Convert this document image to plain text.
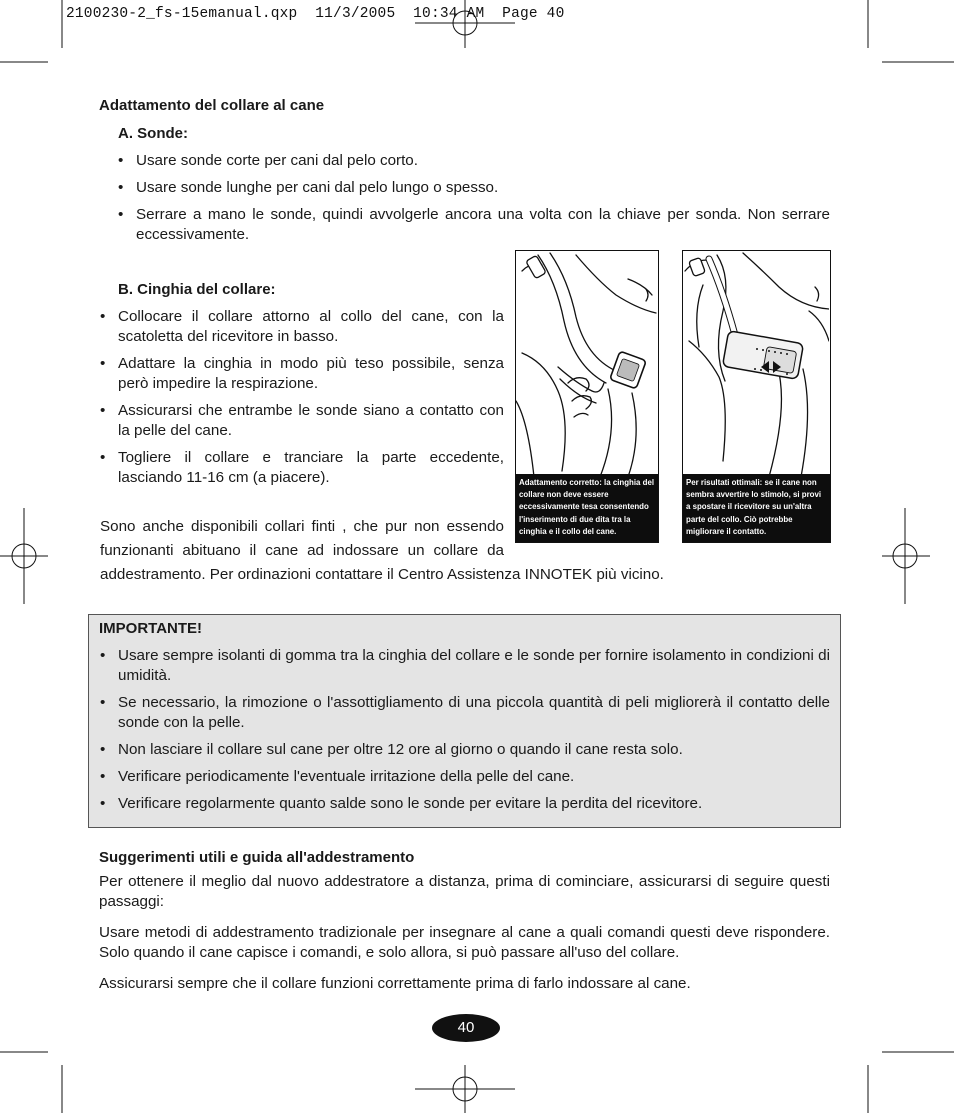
2100230-2_fs-15emanual.qxp  11/3/2005  10:34 AM  Page 40
Adattamento del collare al cane
A. Sonde:
• Usare sonde corte per cani dal pelo corto.
• Usare sonde lunghe per cani dal pelo lungo o spesso.
• Serrare a mano le sonde, quindi avvolgerle ancora una volta con la chiave per sonda. Non serrare eccessivamente.
B. Cinghia del collare:
• Collocare il collare attorno al collo del cane, con la scatoletta del ricevitore in basso.
• Adattare la cinghia in modo più teso possibile, senza però impedire la respirazione.
• Assicurarsi che entrambe le sonde siano a contatto con la pelle del cane.
• Togliere il collare e tranciare la parte eccedente, lasciando 11-16 cm (a piacere).
Sono anche disponibili collari finti , che pur non essendo
funzionanti abituano il cane ad indossare un collare da
addestramento. Per ordinazioni contattare il Centro Assistenza INNOTEK più vicino.
Adattamento corretto: la cinghia del collare non deve essere eccessivamente tesa consentendo l'inserimento di due dita tra la cinghia e il collo del cane.
Per risultati ottimali: se il cane non sembra avvertire lo stimolo, si provi a spostare il ricevitore su un'altra parte del collo. Ciò potrebbe migliorare il contatto.
IMPORTANTE!
• Usare sempre isolanti di gomma tra la cinghia del collare e le sonde per fornire isolamento in condizioni di umidità.
• Se necessario, la rimozione o l'assottigliamento di una piccola quantità di peli migliorerà il contatto delle sonde con la pelle.
• Non lasciare il collare sul cane per oltre 12 ore al giorno o quando il cane resta solo.
• Verificare periodicamente l'eventuale irritazione della pelle del cane.
• Verificare regolarmente quanto salde sono le sonde per evitare la perdita del ricevitore.
Suggerimenti utili e guida all'addestramento
Per ottenere il meglio dal nuovo addestratore a distanza, prima di cominciare, assicurarsi di seguire questi passaggi:
Usare metodi di addestramento tradizionale per insegnare al cane a quali comandi questi deve rispondere. Solo quando il cane capisce i comandi, e solo allora, si può passare all'uso del collare.
Assicurarsi sempre che il collare funzioni correttamente prima di farlo indossare al cane.
40
